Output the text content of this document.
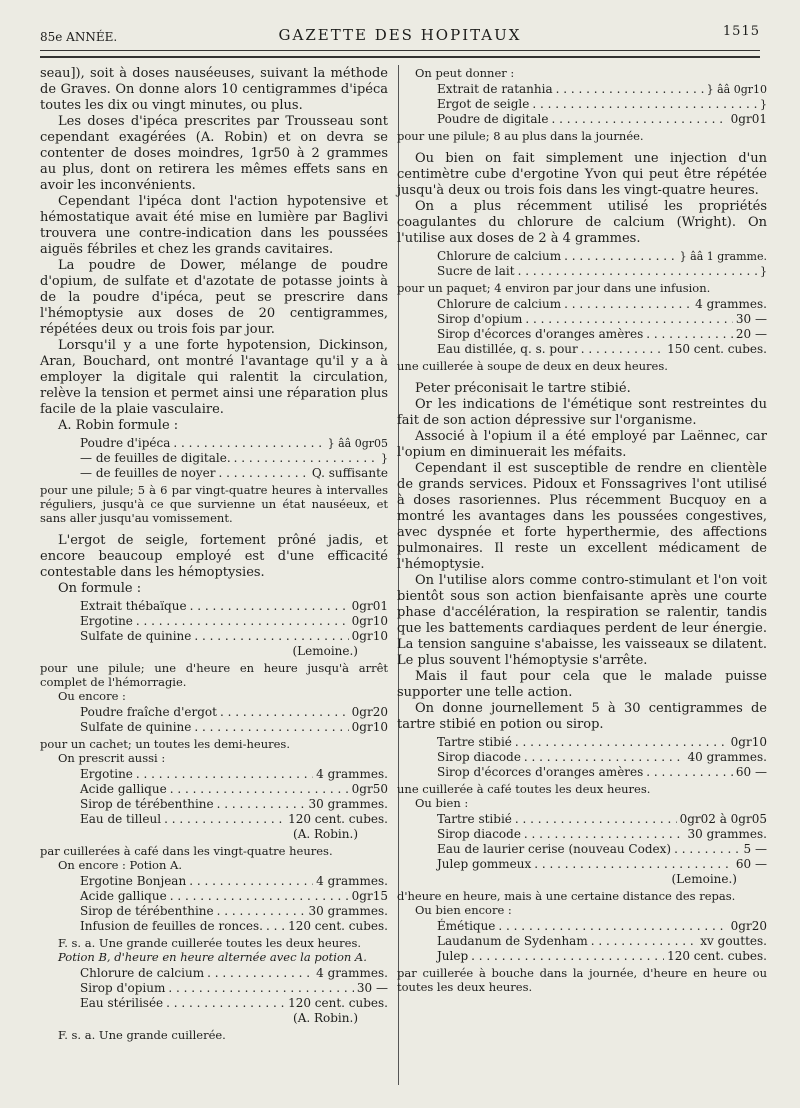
85e ANNÉE.	GAZETTE DES HOPITAUX	1515

seau]), soit à doses nauséeuses, suivant la méthode de Graves. On donne alors 10 centigrammes d'ipéca toutes les dix ou vingt minutes, ou plus.

Les doses d'ipéca prescrites par Trousseau sont cependant exagérées (A. Robin) et on devra se contenter de doses moindres, 1gr50 à 2 grammes au plus, dont on retirera les mêmes effets sans en avoir les inconvénients.

Cependant l'ipéca dont l'action hypotensive et hémostatique avait été mise en lumière par Baglivi trouvera une contre-indication dans les poussées aiguës fébriles et chez les grands cavitaires.

La poudre de Dower, mélange de poudre d'opium, de sulfate et d'azotate de potasse joints à de la poudre d'ipéca, peut se prescrire dans l'hémoptysie aux doses de 20 centigrammes, répétées deux ou trois fois par jour.

Lorsqu'il y a une forte hypotension, Dickinson, Aran, Bouchard, ont montré l'avantage qu'il y a à employer la digitale qui ralentit la circulation, relève la tension et permet ainsi une réparation plus facile de la plaie vasculaire.

A. Robin formule :

Poudre d'ipéca . . .	} ââ 0gr05
— de feuilles de digitale. . . .	}
— de feuilles de noyer . . .	Q. suffisante

pour une pilule; 5 à 6 par vingt-quatre heures à intervalles réguliers, jusqu'à ce que survienne un état nauséeux, et sans aller jusqu'au vomissement.

L'ergot de seigle, fortement prôné jadis, et encore beaucoup employé est d'une efficacité contestable dans les hémoptysies.

On formule :

Extrait thébaïque . . .	0gr01
Ergotine . . .	0gr10
Sulfate de quinine . . .	0gr10
(Lemoine.)

pour une pilule; une d'heure en heure jusqu'à arrêt complet de l'hémorragie.

Ou encore :

Poudre fraîche d'ergot . . .	0gr20
Sulfate de quinine . . .	0gr10

pour un cachet; un toutes les demi-heures.

On prescrit aussi :

Ergotine . . .	4 grammes.
Acide gallique . . .	0gr50
Sirop de térébenthine . . .	30 grammes.
Eau de tilleul . . .	120 cent. cubes.
(A. Robin.)

par cuillerées à café dans les vingt-quatre heures.

On encore : Potion A.

Ergotine Bonjean . . .	4 grammes.
Acide gallique . . .	0gr15
Sirop de térébenthine . . .	30 grammes.
Infusion de feuilles de ronces. . . . 120 cent. cubes.

F. s. a. Une grande cuillerée toutes les deux heures.

Potion B, d'heure en heure alternée avec la potion A.

Chlorure de calcium . . .	4 grammes.
Sirop d'opium . . .	30 —
Eau stérilisée . . .	120 cent. cubes.
(A. Robin.)

F. s. a. Une grande cuillerée.

On peut donner :

Extrait de ratanhia . . .	} ââ 0gr10
Ergot de seigle . . .	}
Poudre de digitale . . .	0gr01

pour une pilule; 8 au plus dans la journée.

Ou bien on fait simplement une injection d'un centimètre cube d'ergotine Yvon qui peut être répétée jusqu'à deux ou trois fois dans les vingt-quatre heures.

On a plus récemment utilisé les propriétés coagulantes du chlorure de calcium (Wright). On l'utilise aux doses de 2 à 4 grammes.

Chlorure de calcium . . .	} ââ 1 gramme.
Sucre de lait . . .	}

pour un paquet; 4 environ par jour dans une infusion.

Chlorure de calcium . . .	4 grammes.
Sirop d'opium . . .	30 —
Sirop d'écorces d'oranges amères . . .	20 —
Eau distillée, q. s. pour . . .	150 cent. cubes.

une cuillerée à soupe de deux en deux heures.

Peter préconisait le tartre stibié.

Or les indications de l'émétique sont restreintes du fait de son action dépressive sur l'organisme.

Associé à l'opium il a été employé par Laënnec, car l'opium en diminuerait les méfaits.

Cependant il est susceptible de rendre en clientèle de grands services. Pidoux et Fonssagrives l'ont utilisé à doses rasoriennes. Plus récemment Bucquoy en a montré les avantages dans les poussées congestives, avec dyspnée et forte hyperthermie, des affections pulmonaires. Il reste un excellent médicament de l'hémoptysie.

On l'utilise alors comme contro-stimulant et l'on voit bientôt sous son action bienfaisante après une courte phase d'accélération, la respiration se ralentir, tandis que les battements cardiaques perdent de leur énergie. La tension sanguine s'abaisse, les vaisseaux se dilatent. Le plus souvent l'hémoptysie s'arrête.

Mais il faut pour cela que le malade puisse supporter une telle action.

On donne journellement 5 à 30 centigrammes de tartre stibié en potion ou sirop.

Tartre stibié . . .	0gr10
Sirop diacode . . .	40 grammes.
Sirop d'écorces d'oranges amères . . .	60 —

une cuillerée à café toutes les deux heures.

Ou bien :

Tartre stibié . . .	0gr02 à 0gr05
Sirop diacode . . .	30 grammes.
Eau de laurier cerise (nouveau Codex) . . .	5 —
Julep gommeux . . .	60 —
(Lemoine.)

d'heure en heure, mais à une certaine distance des repas.

Ou bien encore :

Émétique . . .	0gr20
Laudanum de Sydenham . . .	xv gouttes.
Julep . . .	120 cent. cubes.

par cuillerée à bouche dans la journée, d'heure en heure ou toutes les deux heures.
